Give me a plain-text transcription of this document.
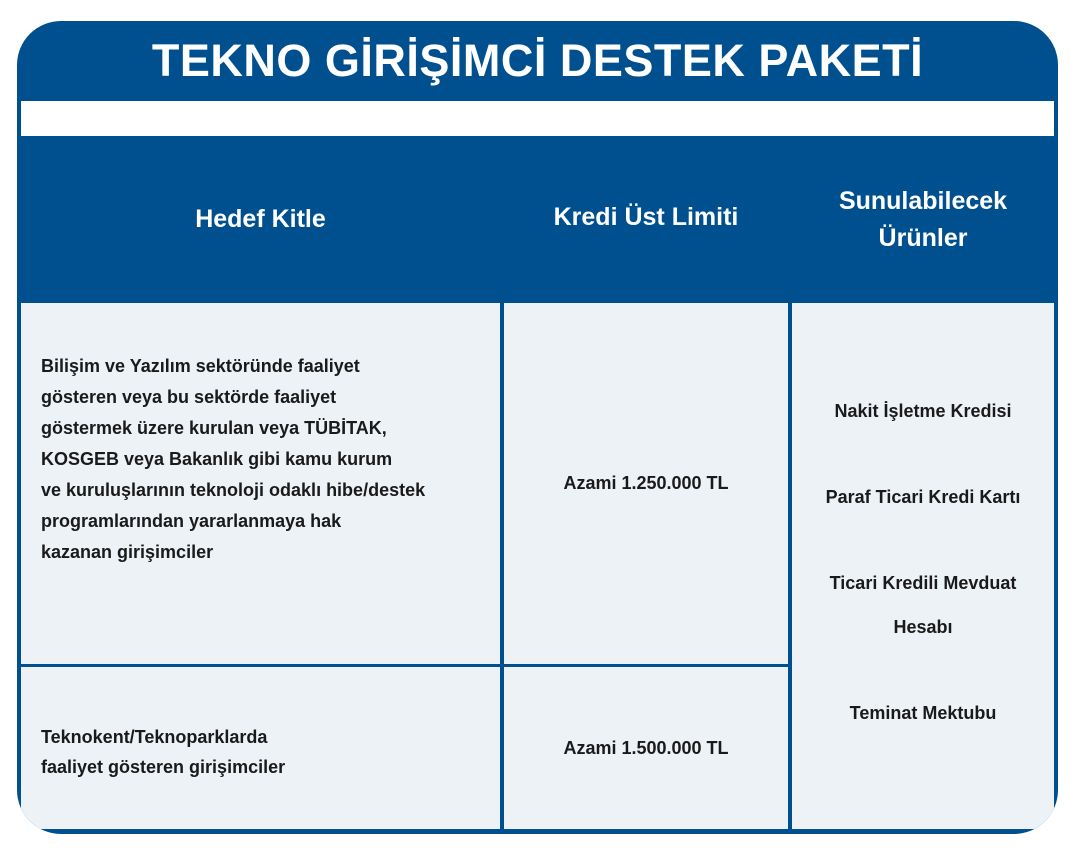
TEKNO GİRİŞİMCİ DESTEK PAKETİ
Hedef Kitle	Kredi Üst Limiti
Sunulabilecek
Ürünler
Bilişim ve Yazılım sektöründe faaliyet
gösteren veya bu sektörde faaliyet
göstermek üzere kurulan veya TÜBİTAK,
KOSGEB veya Bakanlık gibi kamu kurum
ve kuruluşlarının teknoloji odaklı hibe/destek
programlarından yararlanmaya hak
kazanan girişimciler
Azami 1.250.000 TL
Teknokent/Teknoparklarda
faaliyet gösteren girişimciler
Azami 1.500.000 TL
Nakit İşletme Kredisi
Paraf Ticari Kredi Kartı
Ticari Kredili Mevduat
Hesabı
Teminat Mektubu
